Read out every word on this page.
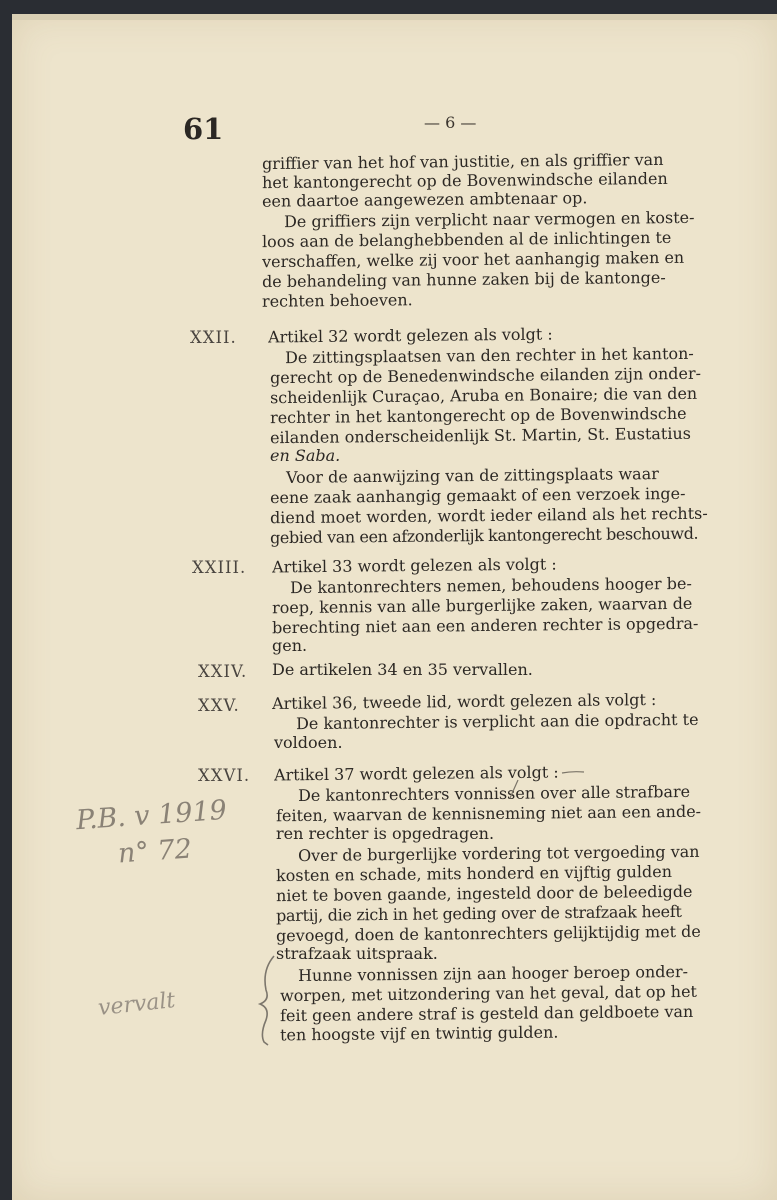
61	— 6 —
griffier van het hof van justitie, en als griffier van
het kantongerecht op de Bovenwindsche eilanden
een daartoe aangewezen ambtenaar op.
De griffiers zijn verplicht naar vermogen en koste-
loos aan de belanghebbenden al de inlichtingen te
verschaffen, welke zij voor het aanhangig maken en
de behandeling van hunne zaken bij de kantonge-
rechten behoeven.
XXII. Artikel 32 wordt gelezen als volgt :
De zittingsplaatsen van den rechter in het kanton-
gerecht op de Benedenwindsche eilanden zijn onder-
scheidenlijk Curaçao, Aruba en Bonaire; die van den
rechter in het kantongerecht op de Bovenwindsche
eilanden onderscheidenlijk St. Martin, St. Eustatius
en Saba.
Voor de aanwijzing van de zittingsplaats waar
eene zaak aanhangig gemaakt of een verzoek inge-
diend moet worden, wordt ieder eiland als het rechts-
gebied van een afzonderlijk kantongerecht beschouwd.
XXIII. Artikel 33 wordt gelezen als volgt :
De kantonrechters nemen, behoudens hooger be-
roep, kennis van alle burgerlijke zaken, waarvan de
berechting niet aan een anderen rechter is opgedra-
gen.
XXIV. De artikelen 34 en 35 vervallen.
XXV. Artikel 36, tweede lid, wordt gelezen als volgt :
De kantonrechter is verplicht aan die opdracht te
voldoen.
XXVI. Artikel 37 wordt gelezen als volgt :
De kantonrechters vonnissen over alle strafbare
feiten, waarvan de kennisneming niet aan een ande-
ren rechter is opgedragen.
Over de burgerlijke vordering tot vergoeding van
kosten en schade, mits honderd en vijftig gulden
niet te boven gaande, ingesteld door de beleedigde
partij, die zich in het geding over de strafzaak heeft
gevoegd, doen de kantonrechters gelijktijdig met de
strafzaak uitspraak.
Hunne vonnissen zijn aan hooger beroep onder-
worpen, met uitzondering van het geval, dat op het
feit geen andere straf is gesteld dan geldboete van
ten hoogste vijf en twintig gulden.
P.B. v 1919
n° 72
vervalt
